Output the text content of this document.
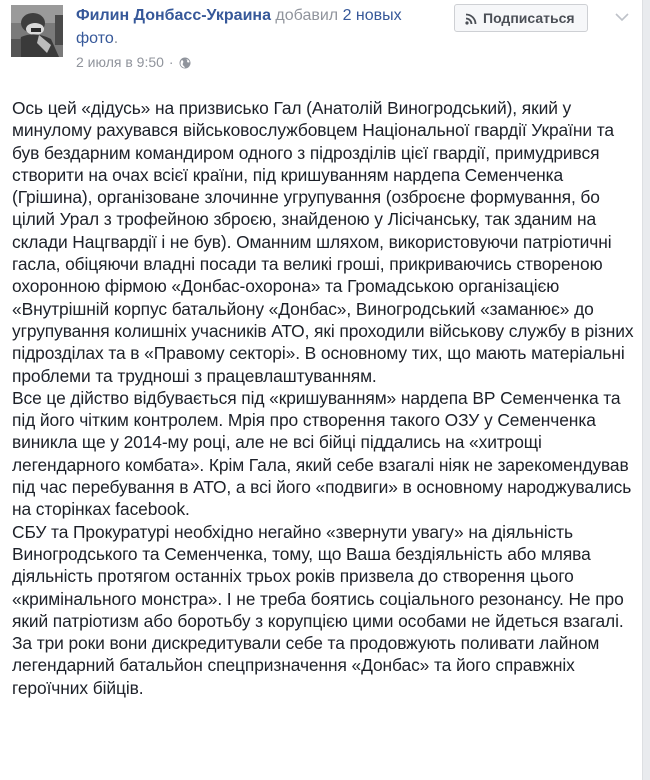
Филин Донбасс-Украина добавил 2 новых фото.
2 июля в 9:50 ·
Подписаться

Ось цей «дідусь» на призвисько Гал (Анатолій Виногродський), який у минулому рахувався військовослужбовцем Національної гвардії України та був бездарним командиром одного з підрозділів цієї гвардії, примудрився створити на очах всієї країни, під кришуванням нардепа Семенченка (Грішина), організоване злочинне угрупування (озброєне формування, бо цілий Урал з трофейною зброєю, знайденою у Лісічанську, так зданим на склади Нацгвардії і не був). Оманним шляхом, використовуючи патріотичні гасла, обіцяючи владні посади та великі гроші, прикриваючись створеною охоронною фірмою «Донбас-охорона» та Громадською організацією «Внутрішній корпус батальйону «Донбас», Виногродський «заманює» до угрупування колишніх учасників АТО, які проходили військову службу в різних підрозділах та в «Правому секторі». В основному тих, що мають матеріальні проблеми та трудноші з працевлаштуванням.

Все це дійство відбувається під «кришуванням» нардепа ВР Семенченка та під його чітким контролем. Мрія про створення такого ОЗУ у Семенченка виникла ще у 2014-му році, але не всі бійці піддались на «хитрощі легендарного комбата». Крім Гала, який себе взагалі ніяк не зарекомендував під час перебування в АТО, а всі його «подвиги» в основному народжувались на сторінках facebook.

СБУ та Прокуратурі необхідно негайно «звернути увагу» на діяльність Виногродського та Семенченка, тому, що Ваша бездіяльність або млява діяльність протягом останніх трьох років призвела до створення цього «кримінального монстра». І не треба боятись соціального резонансу. Не про який патріотизм або боротьбу з корупцією цими особами не йдеться взагалі. За три роки вони дискредитували себе та продовжують поливати лайном легендарний батальйон спецпризначення «Донбас» та його справжніх героїчних бійців.
